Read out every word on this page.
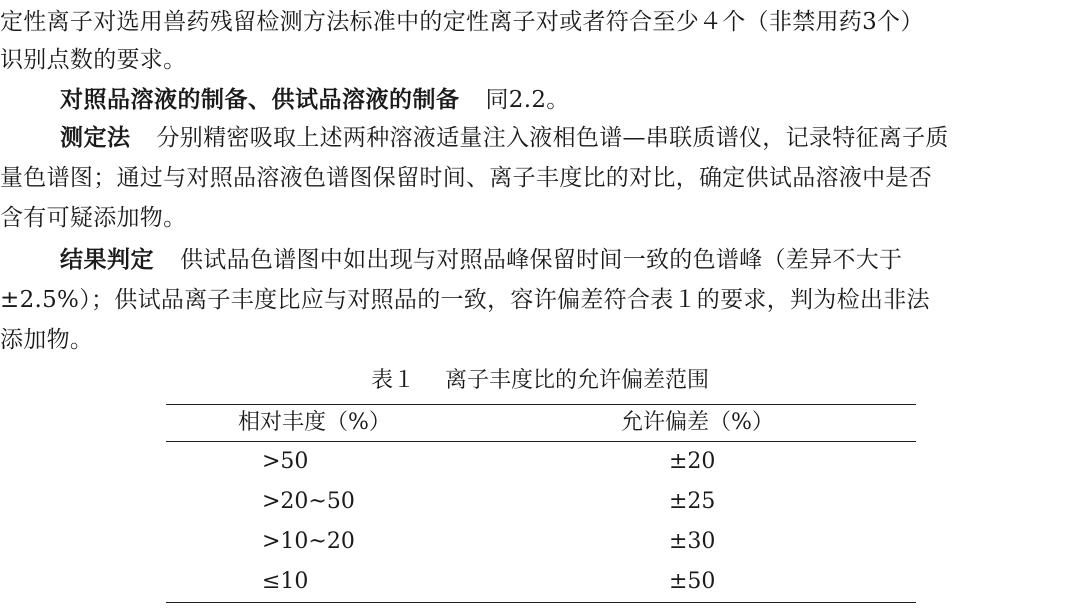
定性离子对选用兽药残留检测方法标准中的定性离子对或者符合至少４个（非禁用药3个）
识别点数的要求。
对照品溶液的制备、供试品溶液的制备 同2.2。
测定法 分别精密吸取上述两种溶液适量注入液相色谱—串联质谱仪，记录特征离子质
量色谱图；通过与对照品溶液色谱图保留时间、离子丰度比的对比，确定供试品溶液中是否
含有可疑添加物。
结果判定 供试品色谱图中如出现与对照品峰保留时间一致的色谱峰（差异不大于
±2.5%）；供试品离子丰度比应与对照品的一致，容许偏差符合表１的要求，判为检出非法
添加物。
表１ 离子丰度比的允许偏差范围
相对丰度（%）	允许偏差（%）
>50	±20
>20~50	±25
>10~20	±30
≤10	±50
